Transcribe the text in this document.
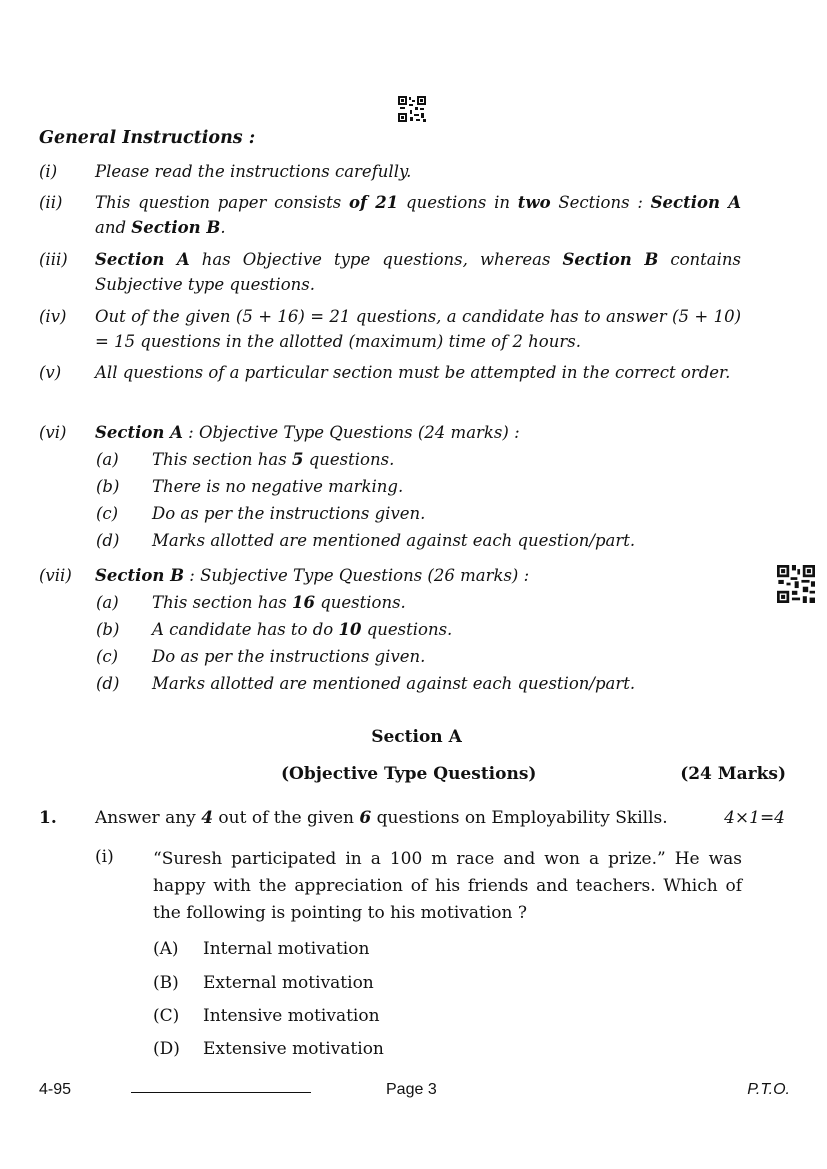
General Instructions :
(i) Please read the instructions carefully.
(ii) This question paper consists of 21 questions in two Sections : Section A and Section B.
(iii) Section A has Objective type questions, whereas Section B contains Subjective type questions.
(iv) Out of the given (5 + 16) = 21 questions, a candidate has to answer (5 + 10) = 15 questions in the allotted (maximum) time of 2 hours.
(v) All questions of a particular section must be attempted in the correct order.
(vi) Section A : Objective Type Questions (24 marks) :
(a) This section has 5 questions.
(b) There is no negative marking.
(c) Do as per the instructions given.
(d) Marks allotted are mentioned against each question/part.
(vii) Section B : Subjective Type Questions (26 marks) :
(a) This section has 16 questions.
(b) A candidate has to do 10 questions.
(c) Do as per the instructions given.
(d) Marks allotted are mentioned against each question/part.
Section A
(Objective Type Questions)	(24 Marks)
1. Answer any 4 out of the given 6 questions on Employability Skills.	4×1=4
(i) “Suresh participated in a 100 m race and won a prize.” He was happy with the appreciation of his friends and teachers. Which of the following is pointing to his motivation ?
(A) Internal motivation
(B) External motivation
(C) Intensive motivation
(D) Extensive motivation
4-95	Page 3	P.T.O.
